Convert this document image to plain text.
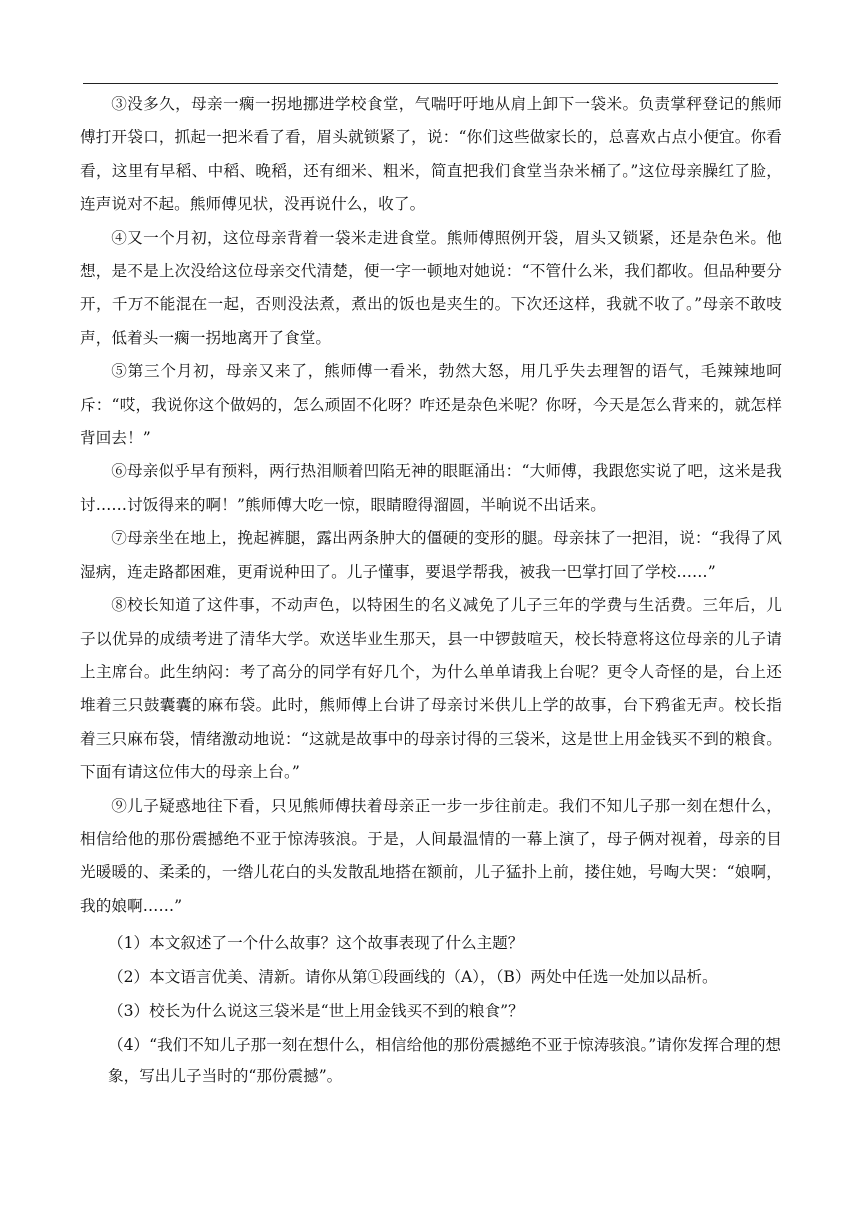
③没多久，母亲一瘸一拐地挪进学校食堂，气喘吁吁地从肩上卸下一袋米。负责掌秤登记的熊师傅打开袋口，抓起一把米看了看，眉头就锁紧了，说：“你们这些做家长的，总喜欢占点小便宜。你看看，这里有早稻、中稻、晚稻，还有细米、粗米，简直把我们食堂当杂米桶了。”这位母亲臊红了脸，连声说对不起。熊师傅见状，没再说什么，收了。

④又一个月初，这位母亲背着一袋米走进食堂。熊师傅照例开袋，眉头又锁紧，还是杂色米。他想，是不是上次没给这位母亲交代清楚，便一字一顿地对她说：“不管什么米，我们都收。但品种要分开，千万不能混在一起，否则没法煮，煮出的饭也是夹生的。下次还这样，我就不收了。”母亲不敢吱声，低着头一瘸一拐地离开了食堂。

⑤第三个月初，母亲又来了，熊师傅一看米，勃然大怒，用几乎失去理智的语气，毛辣辣地呵斥：“哎，我说你这个做妈的，怎么顽固不化呀？咋还是杂色米呢？你呀，今天是怎么背来的，就怎样背回去！”

⑥母亲似乎早有预料，两行热泪顺着凹陷无神的眼眶涌出：“大师傅，我跟您实说了吧，这米是我讨……讨饭得来的啊！”熊师傅大吃一惊，眼睛瞪得溜圆，半晌说不出话来。

⑦母亲坐在地上，挽起裤腿，露出两条肿大的僵硬的变形的腿。母亲抹了一把泪，说：“我得了风湿病，连走路都困难，更甭说种田了。儿子懂事，要退学帮我，被我一巴掌打回了学校……”

⑧校长知道了这件事，不动声色，以特困生的名义减免了儿子三年的学费与生活费。三年后，儿子以优异的成绩考进了清华大学。欢送毕业生那天，县一中锣鼓喧天，校长特意将这位母亲的儿子请上主席台。此生纳闷：考了高分的同学有好几个，为什么单单请我上台呢？更令人奇怪的是，台上还堆着三只鼓囊囊的麻布袋。此时，熊师傅上台讲了母亲讨米供儿上学的故事，台下鸦雀无声。校长指着三只麻布袋，情绪激动地说：“这就是故事中的母亲讨得的三袋米，这是世上用金钱买不到的粮食。下面有请这位伟大的母亲上台。”

⑨儿子疑惑地往下看，只见熊师傅扶着母亲正一步一步往前走。我们不知儿子那一刻在想什么，相信给他的那份震撼绝不亚于惊涛骇浪。于是，人间最温情的一幕上演了，母子俩对视着，母亲的目光暖暖的、柔柔的，一绺儿花白的头发散乱地搭在额前，儿子猛扑上前，搂住她，号啕大哭：“娘啊，我的娘啊……”

（1）本文叙述了一个什么故事？这个故事表现了什么主题？

（2）本文语言优美、清新。请你从第①段画线的（A），（B）两处中任选一处加以品析。

（3）校长为什么说这三袋米是“世上用金钱买不到的粮食”？

（4）“我们不知儿子那一刻在想什么，相信给他的那份震撼绝不亚于惊涛骇浪。”请你发挥合理的想象，写出儿子当时的“那份震撼”。
